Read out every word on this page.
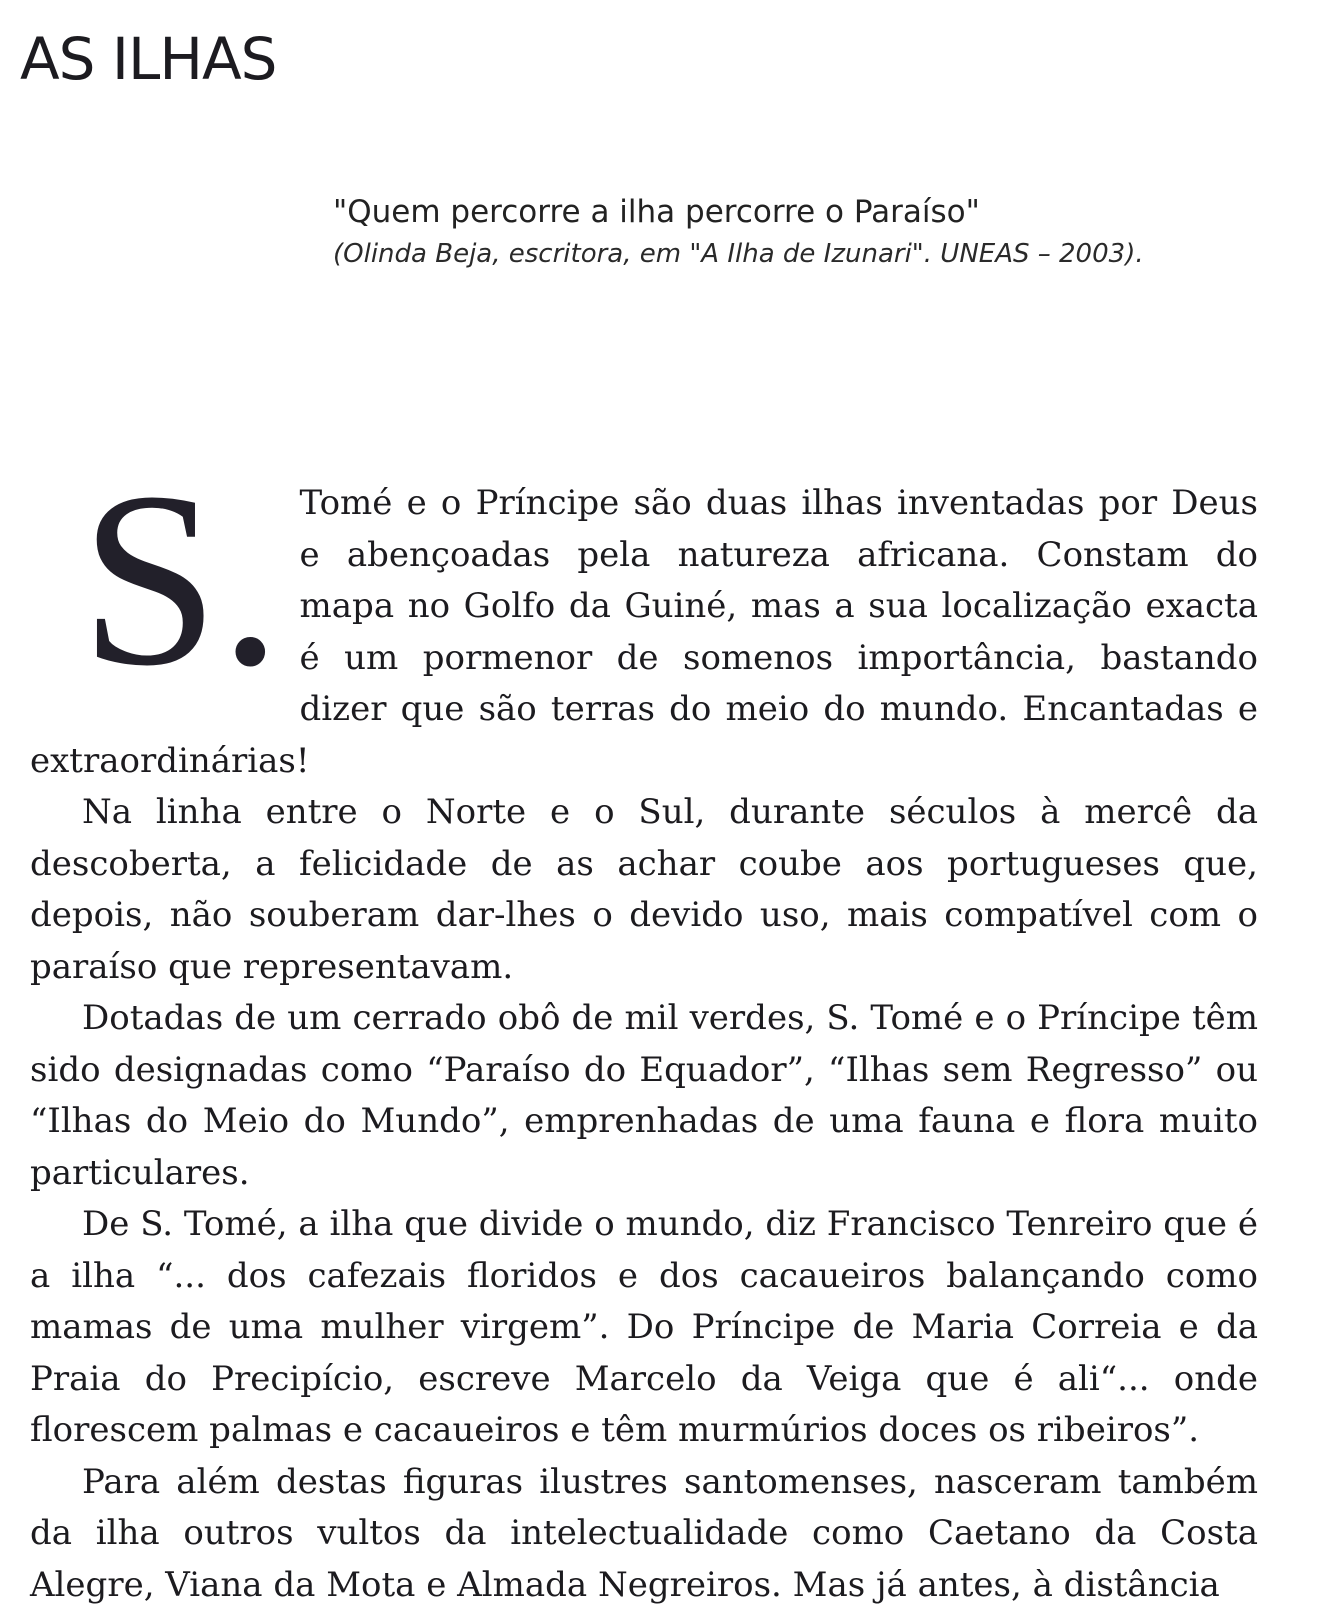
AS ILHAS
"Quem percorre a ilha percorre o Paraíso"
(Olinda Beja, escritora, em "A Ilha de Izunari". UNEAS – 2003).

S. Tomé e o Príncipe são duas ilhas inventadas por Deus e abençoadas pela natureza africana. Constam do mapa no Golfo da Guiné, mas a sua localização exacta é um pormenor de somenos importância, bastando dizer que são terras do meio do mundo. Encantadas e extraordinárias!

Na linha entre o Norte e o Sul, durante séculos à mercê da descoberta, a felicidade de as achar coube aos portugueses que, depois, não souberam dar-lhes o devido uso, mais compatível com o paraíso que representavam.

Dotadas de um cerrado obô de mil verdes, S. Tomé e o Príncipe têm sido designadas como “Paraíso do Equador”, “Ilhas sem Regresso” ou “Ilhas do Meio do Mundo”, emprenhadas de uma fauna e flora muito particulares.

De S. Tomé, a ilha que divide o mundo, diz Francisco Tenreiro que é a ilha “... dos cafezais floridos e dos cacaueiros balançando como mamas de uma mulher virgem”. Do Príncipe de Maria Correia e da Praia do Precipício, escreve Marcelo da Veiga que é ali“... onde florescem palmas e cacaueiros e têm murmúrios doces os ribeiros”.

Para além destas figuras ilustres santomenses, nasceram também da ilha outros vultos da intelectualidade como Caetano da Costa Alegre, Viana da Mota e Almada Negreiros. Mas já antes, à distância
